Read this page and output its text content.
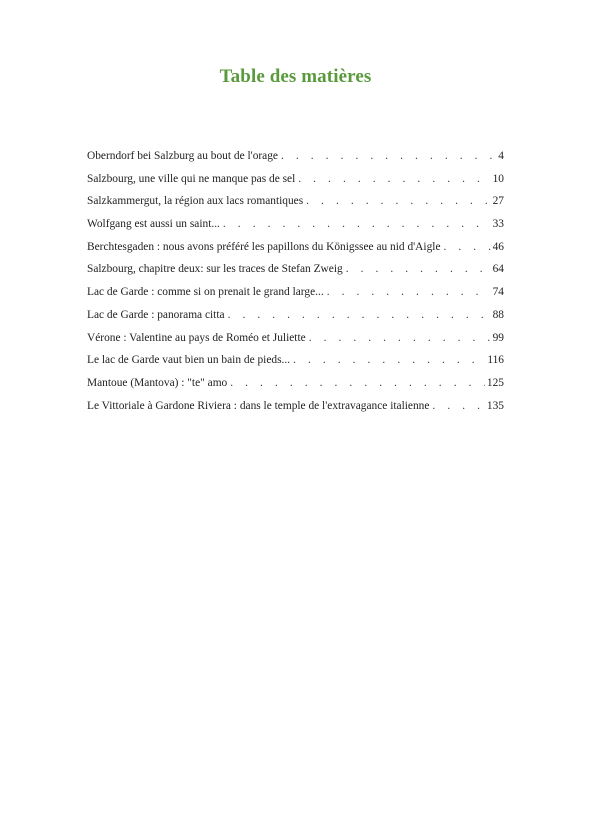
Table des matières
Oberndorf bei Salzburg au bout de l'orage . . .	4
Salzbourg, une ville qui ne manque pas de sel . . .	10
Salzkammergut, la région aux lacs romantiques . . .	27
Wolfgang est aussi un saint... . . .	33
Berchtesgaden : nous avons préféré les papillons du Königssee au nid d'Aigle . . .	46
Salzbourg, chapitre deux: sur les traces de Stefan Zweig . . .	64
Lac de Garde : comme si on prenait le grand large... . . .	74
Lac de Garde : panorama citta . . .	88
Vérone : Valentine au pays de Roméo et Juliette . . .	99
Le lac de Garde vaut bien un bain de pieds... . . .	116
Mantoue (Mantova) : "te" amo . . .	125
Le Vittoriale à Gardone Riviera : dans le temple de l'extravagance italienne . . .	135
